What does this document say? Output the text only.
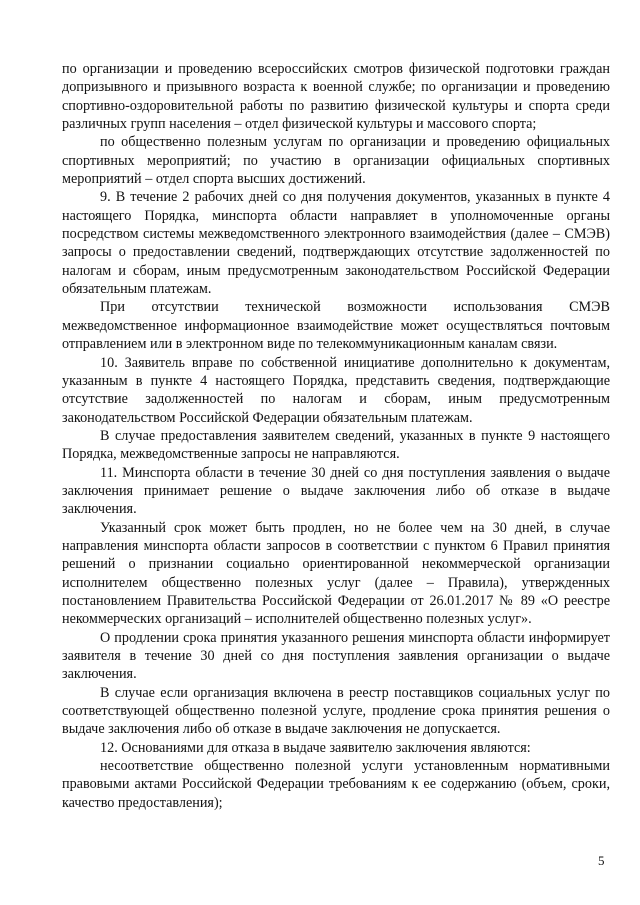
по организации и проведению всероссийских смотров физической подготовки граждан допризывного и призывного возраста к военной службе; по организации и проведению спортивно-оздоровительной работы по развитию физической культуры и спорта среди различных групп населения – отдел физической культуры и массового спорта;

по общественно полезным услугам по организации и проведению официальных спортивных мероприятий; по участию в организации официальных спортивных мероприятий – отдел спорта высших достижений.

9. В течение 2 рабочих дней со дня получения документов, указанных в пункте 4 настоящего Порядка, минспорта области направляет в уполномоченные органы посредством системы межведомственного электронного взаимодействия (далее – СМЭВ) запросы о предоставлении сведений, подтверждающих отсутствие задолженностей по налогам и сборам, иным предусмотренным законодательством Российской Федерации обязательным платежам.

При отсутствии технической возможности использования СМЭВ межведомственное информационное взаимодействие может осуществляться почтовым отправлением или в электронном виде по телекоммуникационным каналам связи.

10. Заявитель вправе по собственной инициативе дополнительно к документам, указанным в пункте 4 настоящего Порядка, представить сведения, подтверждающие отсутствие задолженностей по налогам и сборам, иным предусмотренным законодательством Российской Федерации обязательным платежам.

В случае предоставления заявителем сведений, указанных в пункте 9 настоящего Порядка, межведомственные запросы не направляются.

11. Минспорта области в течение 30 дней со дня поступления заявления о выдаче заключения принимает решение о выдаче заключения либо об отказе в выдаче заключения.

Указанный срок может быть продлен, но не более чем на 30 дней, в случае направления минспорта области запросов в соответствии с пунктом 6 Правил принятия решений о признании социально ориентированной некоммерческой организации исполнителем общественно полезных услуг (далее – Правила), утвержденных постановлением Правительства Российской Федерации от 26.01.2017 № 89 «О реестре некоммерческих организаций – исполнителей общественно полезных услуг».

О продлении срока принятия указанного решения минспорта области информирует заявителя в течение 30 дней со дня поступления заявления организации о выдаче заключения.

В случае если организация включена в реестр поставщиков социальных услуг по соответствующей общественно полезной услуге, продление срока принятия решения о выдаче заключения либо об отказе в выдаче заключения не допускается.

12. Основаниями для отказа в выдаче заявителю заключения являются:

несоответствие общественно полезной услуги установленным нормативными правовыми актами Российской Федерации требованиям к ее содержанию (объем, сроки, качество предоставления);

5
